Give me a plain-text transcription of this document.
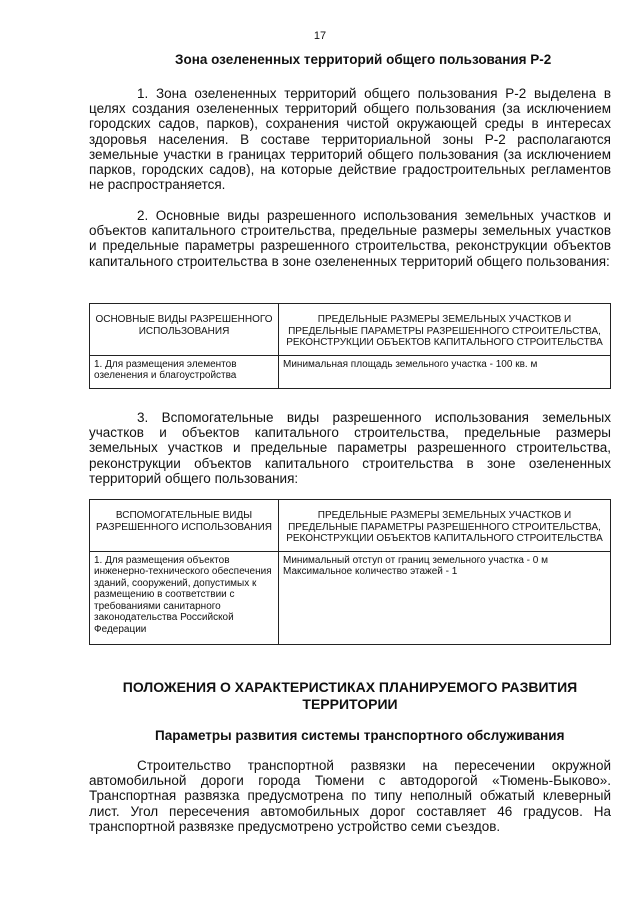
17
Зона озелененных территорий общего пользования Р-2
1. Зона озелененных территорий общего пользования Р-2 выделена в целях создания озелененных территорий общего пользования (за исключением городских садов, парков), сохранения чистой окружающей среды в интересах здоровья населения. В составе территориальной зоны Р-2 располагаются земельные участки в границах территорий общего пользования (за исключением парков, городских садов), на которые действие градостроительных регламентов не распространяется.
2. Основные виды разрешенного использования земельных участков и объектов капитального строительства, предельные размеры земельных участков и предельные параметры разрешенного строительства, реконструкции объектов капитального строительства в зоне озелененных территорий общего пользования:
ОСНОВНЫЕ ВИДЫ РАЗРЕШЕННОГО ИСПОЛЬЗОВАНИЯ	ПРЕДЕЛЬНЫЕ РАЗМЕРЫ ЗЕМЕЛЬНЫХ УЧАСТКОВ И ПРЕДЕЛЬНЫЕ ПАРАМЕТРЫ РАЗРЕШЕННОГО СТРОИТЕЛЬСТВА, РЕКОНСТРУКЦИИ ОБЪЕКТОВ КАПИТАЛЬНОГО СТРОИТЕЛЬСТВА
1. Для размещения элементов озеленения и благоустройства	Минимальная площадь земельного участка - 100 кв. м
3. Вспомогательные виды разрешенного использования земельных участков и объектов капитального строительства, предельные размеры земельных участков и предельные параметры разрешенного строительства, реконструкции объектов капитального строительства в зоне озелененных территорий общего пользования:
ВСПОМОГАТЕЛЬНЫЕ ВИДЫ РАЗРЕШЕННОГО ИСПОЛЬЗОВАНИЯ	ПРЕДЕЛЬНЫЕ РАЗМЕРЫ ЗЕМЕЛЬНЫХ УЧАСТКОВ И ПРЕДЕЛЬНЫЕ ПАРАМЕТРЫ РАЗРЕШЕННОГО СТРОИТЕЛЬСТВА, РЕКОНСТРУКЦИИ ОБЪЕКТОВ КАПИТАЛЬНОГО СТРОИТЕЛЬСТВА
1. Для размещения объектов инженерно-технического обеспечения зданий, сооружений, допустимых к размещению в соответствии с требованиями санитарного законодательства Российской Федерации	Минимальный отступ от границ земельного участка - 0 м
Максимальное количество этажей - 1
ПОЛОЖЕНИЯ О ХАРАКТЕРИСТИКАХ ПЛАНИРУЕМОГО РАЗВИТИЯ
ТЕРРИТОРИИ
Параметры развития системы транспортного обслуживания
Строительство транспортной развязки на пересечении окружной автомобильной дороги города Тюмени с автодорогой «Тюмень-Быково». Транспортная развязка предусмотрена по типу неполный обжатый клеверный лист. Угол пересечения автомобильных дорог составляет 46 градусов. На транспортной развязке предусмотрено устройство семи съездов.
